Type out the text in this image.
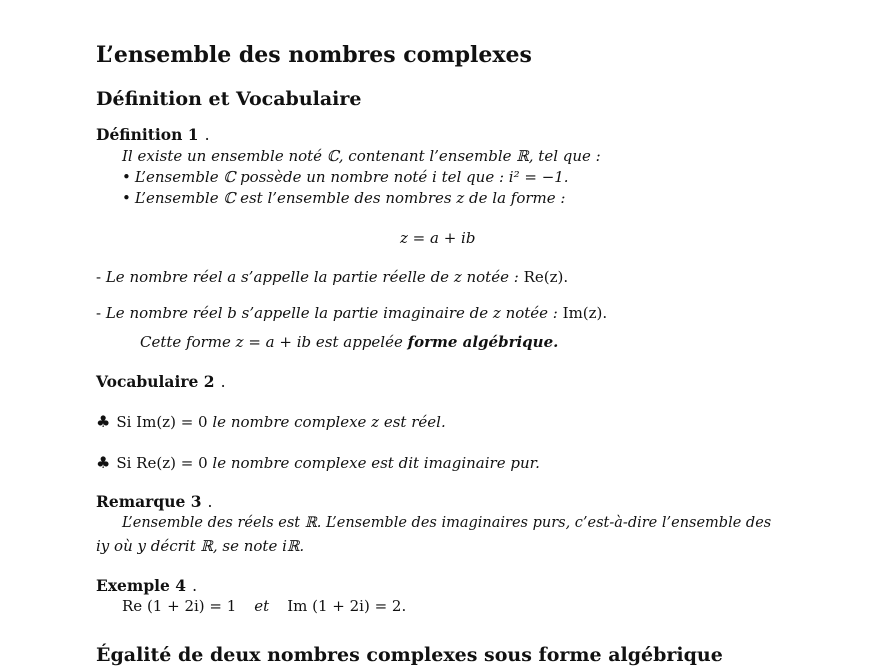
L’ensemble des nombres complexes
Définition et Vocabulaire
Définition 1 .
Il existe un ensemble noté ℂ, contenant l’ensemble ℝ, tel que :
• L’ensemble ℂ possède un nombre noté i tel que : i² = −1.
• L’ensemble ℂ est l’ensemble des nombres z de la forme :
z = a + ib
- Le nombre réel a s’appelle la partie réelle de z notée : Re(z).
- Le nombre réel b s’appelle la partie imaginaire de z notée : Im(z).
Cette forme z = a + ib est appelée forme algébrique.
Vocabulaire 2 .
♣ Si Im(z) = 0 le nombre complexe z est réel.
♣ Si Re(z) = 0 le nombre complexe est dit imaginaire pur.
Remarque 3 .
L’ensemble des réels est ℝ. L’ensemble des imaginaires purs, c’est-à-dire l’ensemble des
iy où y décrit ℝ, se note iℝ.
Exemple 4 .
Re (1 + 2i) = 1 et Im (1 + 2i) = 2.
Égalité de deux nombres complexes sous forme algébrique
